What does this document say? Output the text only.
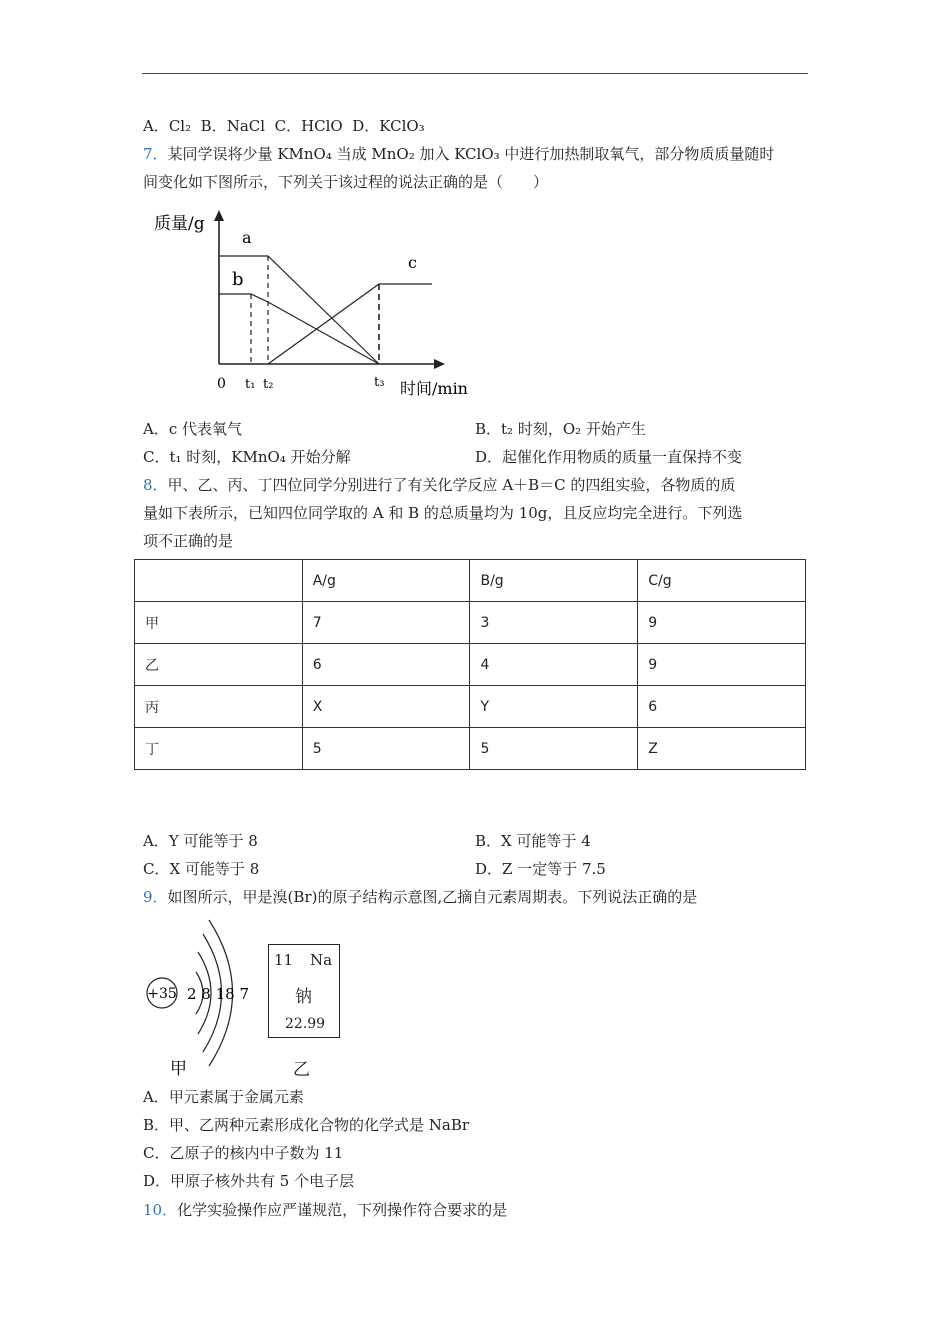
A．Cl₂ B．NaCl C．HClO D．KClO₃
7．某同学误将少量 KMnO₄ 当成 MnO₂ 加入 KClO₃ 中进行加热制取氧气，部分物质质量随时
间变化如下图所示，下列关于该过程的说法正确的是（　　）
质量/g
a
b
c
0 t₁ t₂	t₃ 时间/min
A．c 代表氧气	B．t₂ 时刻，O₂ 开始产生
C．t₁ 时刻，KMnO₄ 开始分解	D．起催化作用物质的质量一直保持不变
8．甲、乙、丙、丁四位同学分别进行了有关化学反应 A＋B＝C 的四组实验，各物质的质
量如下表所示，已知四位同学取的 A 和 B 的总质量均为 10g，且反应均完全进行。下列选
项不正确的是
	A/g	B/g	C/g
甲	7	3	9
乙	6	4	9
丙	X	Y	6
丁	5	5	Z
A．Y 可能等于 8	B．X 可能等于 4
C．X 可能等于 8	D．Z 一定等于 7.5
9．如图所示，甲是溴(Br)的原子结构示意图,乙摘自元素周期表。下列说法正确的是
+35 2 8 18 7
甲
11 Na
钠
22.99
乙
A．甲元素属于金属元素
B．甲、乙两种元素形成化合物的化学式是 NaBr
C．乙原子的核内中子数为 11
D．甲原子核外共有 5 个电子层
10．化学实验操作应严谨规范，下列操作符合要求的是
